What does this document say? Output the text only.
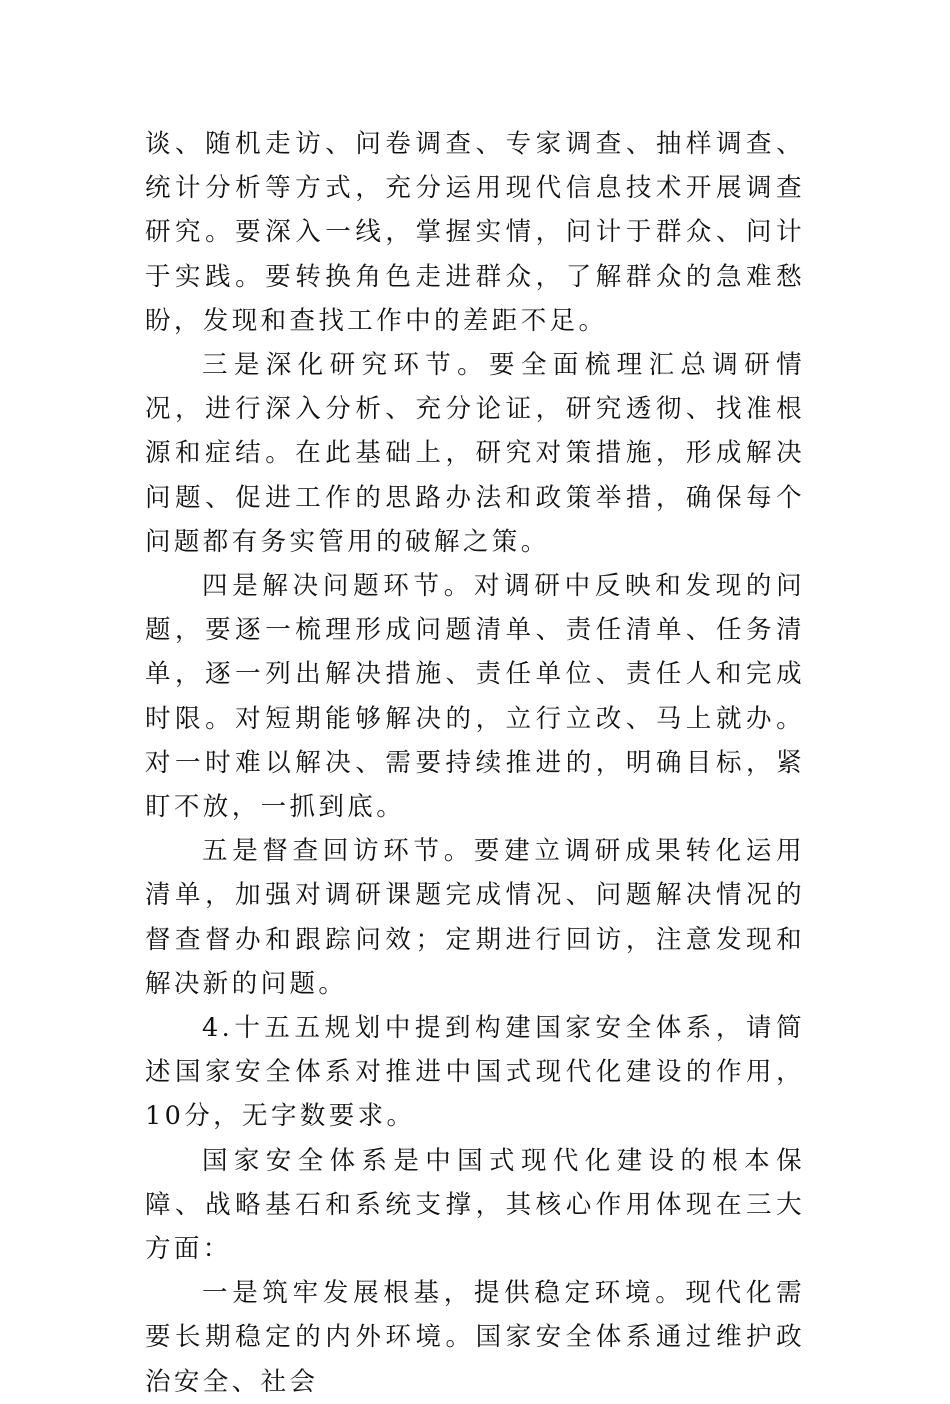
谈、随机走访、问卷调查、专家调查、抽样调查、统计分析等方式，充分运用现代信息技术开展调查研究。要深入一线，掌握实情，问计于群众、问计于实践。要转换角色走进群众，了解群众的急难愁盼，发现和查找工作中的差距不足。

三是深化研究环节。要全面梳理汇总调研情况，进行深入分析、充分论证，研究透彻、找准根源和症结。在此基础上，研究对策措施，形成解决问题、促进工作的思路办法和政策举措，确保每个问题都有务实管用的破解之策。

四是解决问题环节。对调研中反映和发现的问题，要逐一梳理形成问题清单、责任清单、任务清单，逐一列出解决措施、责任单位、责任人和完成时限。对短期能够解决的，立行立改、马上就办。对一时难以解决、需要持续推进的，明确目标，紧盯不放，一抓到底。

五是督查回访环节。要建立调研成果转化运用清单，加强对调研课题完成情况、问题解决情况的督查督办和跟踪问效；定期进行回访，注意发现和解决新的问题。

4.十五五规划中提到构建国家安全体系，请简述国家安全体系对推进中国式现代化建设的作用，10分，无字数要求。

国家安全体系是中国式现代化建设的根本保障、战略基石和系统支撑，其核心作用体现在三大方面：

一是筑牢发展根基，提供稳定环境。现代化需要长期稳定的内外环境。国家安全体系通过维护政治安全、社会
